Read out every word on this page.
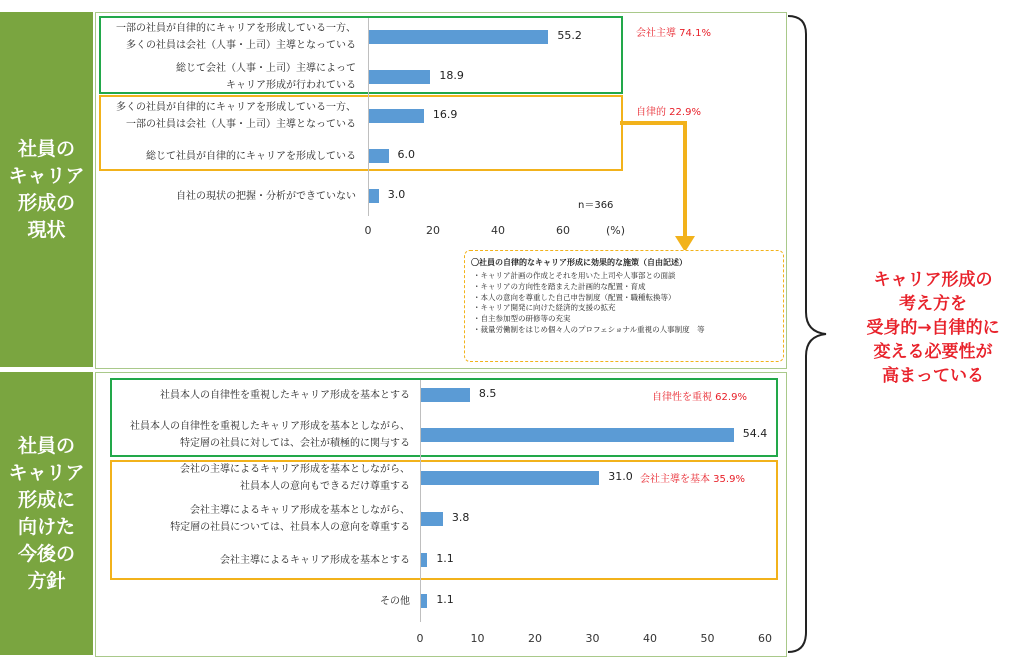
社員の
キャリア
形成の
現状
社員の
キャリア
形成に
向けた
今後の
方針
会社主導 74.1%
自律的 22.9%
自律性を重視 62.9%
会社主導を基本 35.9%
n＝366
(%)
55.2
一部の社員が自律的にキャリアを形成している一方、
多くの社員は会社（人事・上司）主導となっている
18.9
総じて会社（人事・上司）主導によって
キャリア形成が行われている
16.9
多くの社員が自律的にキャリアを形成している一方、
一部の社員は会社（人事・上司）主導となっている
6.0
総じて社員が自律的にキャリアを形成している
3.0
自社の現状の把握・分析ができていない
0	20	40	60
8.5
社員本人の自律性を重視したキャリア形成を基本とする
54.4
社員本人の自律性を重視したキャリア形成を基本としながら、
特定層の社員に対しては、会社が積極的に関与する
31.0
会社の主導によるキャリア形成を基本としながら、
社員本人の意向もできるだけ尊重する
3.8
会社主導によるキャリア形成を基本としながら、
特定層の社員については、社員本人の意向を尊重する
1.1
会社主導によるキャリア形成を基本とする
1.1
その他
0	10	20	30	40	50	60
〇社員の自律的なキャリア形成に効果的な施策（自由記述）
・ キャリア計画の作成とそれを用いた上司や人事部との面談
・ キャリアの方向性を踏まえた計画的な配置・育成
・ 本人の意向を尊重した自己申告制度（配置・職種転換等）
・ キャリア開発に向けた経済的支援の拡充
・ 自主参加型の研修等の充実
・ 裁量労働制をはじめ個々人のプロフェショナル重視の人事制度　等
キャリア形成の
考え方を
受身的→自律的に
変える必要性が
高まっている
